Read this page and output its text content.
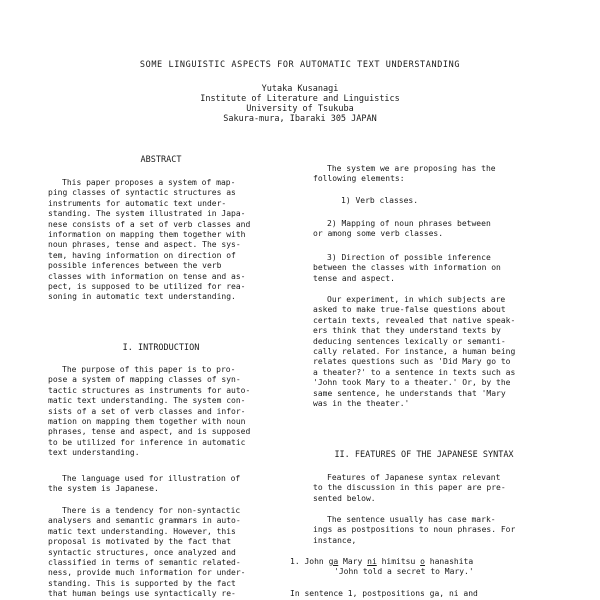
SOME LINGUISTIC ASPECTS FOR AUTOMATIC TEXT UNDERSTANDING
Yutaka Kusanagi
Institute of Literature and Linguistics
University of Tsukuba
Sakura-mura, Ibaraki 305 JAPAN
ABSTRACT
This paper proposes a system of map-
ping classes of syntactic structures as
instruments for automatic text under-
standing. The system illustrated in Japa-
nese consists of a set of verb classes and
information on mapping them together with
noun phrases, tense and aspect. The sys-
tem, having information on direction of
possible inferences between the verb
classes with information on tense and as-
pect, is supposed to be utilized for rea-
soning in automatic text understanding.
I. INTRODUCTION
The purpose of this paper is to pro-
pose a system of mapping classes of syn-
tactic structures as instruments for auto-
matic text understanding. The system con-
sists of a set of verb classes and infor-
mation on mapping them together with noun
phrases, tense and aspect, and is supposed
to be utilized for inference in automatic
text understanding.
The language used for illustration of
the system is Japanese.
There is a tendency for non-syntactic
analysers and semantic grammars in auto-
matic text understanding. However, this
proposal is motivated by the fact that
syntactic structures, once analyzed and
classified in terms of semantic related-
ness, provide much information for under-
standing. This is supported by the fact
that human beings use syntactically re-
The system we are proposing has the
following elements:
1) Verb classes.
2) Mapping of noun phrases between
or among some verb classes.
3) Direction of possible inference
between the classes with information on
tense and aspect.
Our experiment, in which subjects are
asked to make true-false questions about
certain texts, revealed that native speak-
ers think that they understand texts by
deducing sentences lexically or semanti-
cally related. For instance, a human being
relates questions such as 'Did Mary go to
a theater?' to a sentence in texts such as
'John took Mary to a theater.' Or, by the
same sentence, he understands that 'Mary
was in the theater.'
II. FEATURES OF THE JAPANESE SYNTAX
Features of Japanese syntax relevant
to the discussion in this paper are pre-
sented below.
The sentence usually has case mark-
ings as postpositions to noun phrases. For
instance,
1. John ga Mary ni himitsu o hanashita
'John told a secret to Mary.'
In sentence 1, postpositions ga, ni and
